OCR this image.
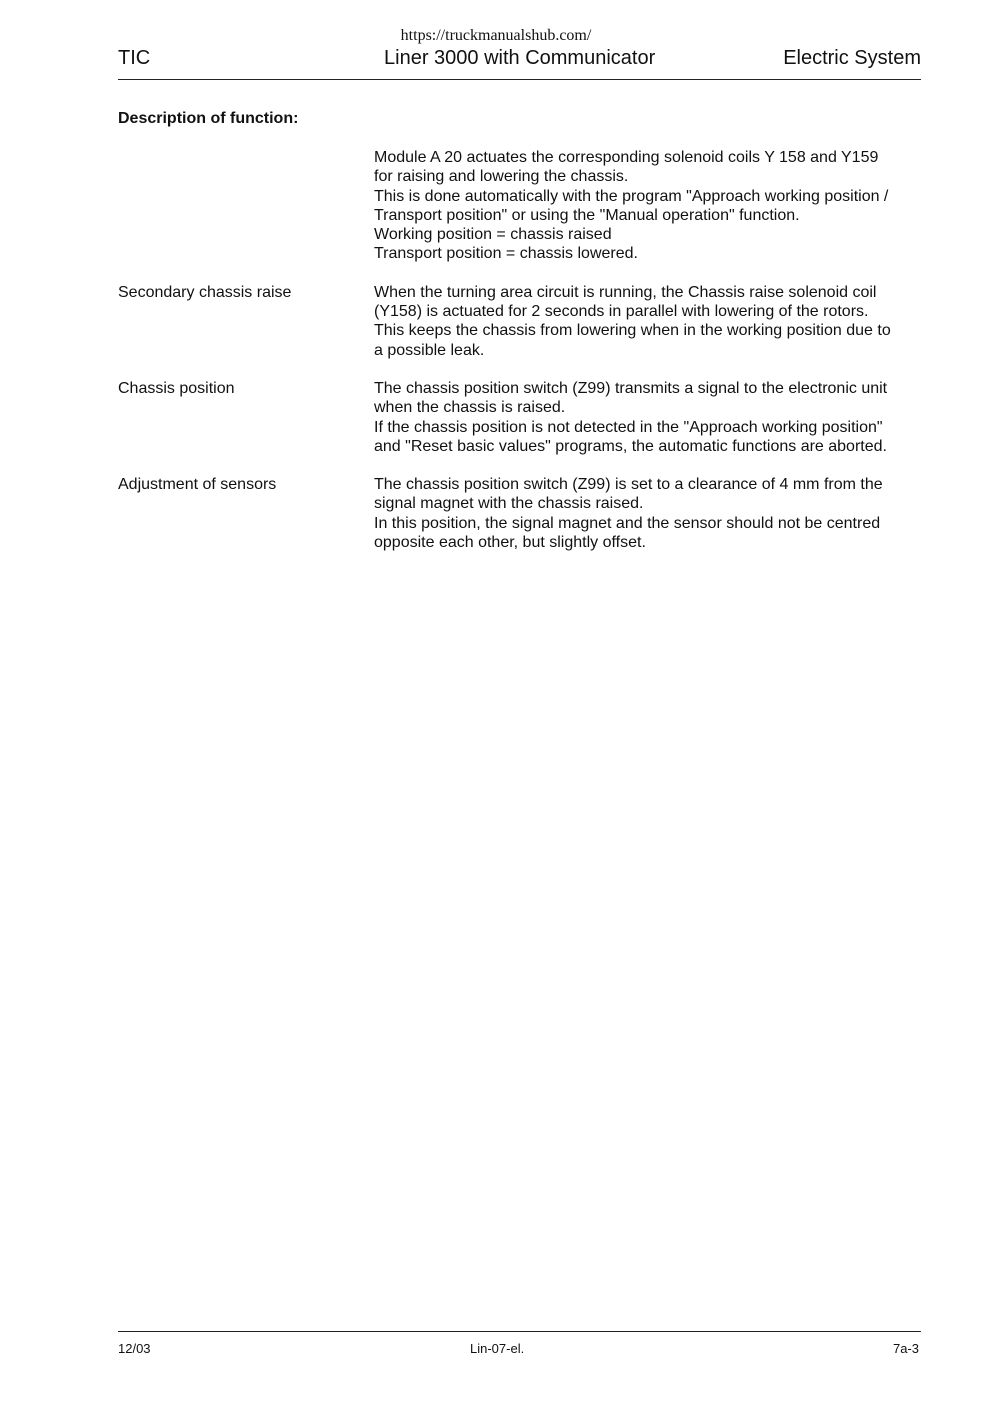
https://truckmanualshub.com/
TIC	Liner 3000 with Communicator	Electric System
Description of function:
Module A 20 actuates the corresponding solenoid coils Y 158 and Y159
for raising and lowering the chassis.
This is done automatically with the program "Approach working position /
Transport position" or using the "Manual operation" function.
Working position = chassis raised
Transport position = chassis lowered.
Secondary chassis raise	When the turning area circuit is running, the Chassis raise solenoid coil
(Y158) is actuated for 2 seconds in parallel with lowering of the rotors.
This keeps the chassis from lowering when in the working position due to
a possible leak.
Chassis position	The chassis position switch (Z99) transmits a signal to the electronic unit
when the chassis is raised.
If the chassis position is not detected in the "Approach working position"
and "Reset basic values" programs, the automatic functions are aborted.
Adjustment of sensors	The chassis position switch (Z99) is set to a clearance of 4 mm from the
signal magnet with the chassis raised.
In this position, the signal magnet and the sensor should not be centred
opposite each other, but slightly offset.
12/03	Lin-07-el.	7a-3
